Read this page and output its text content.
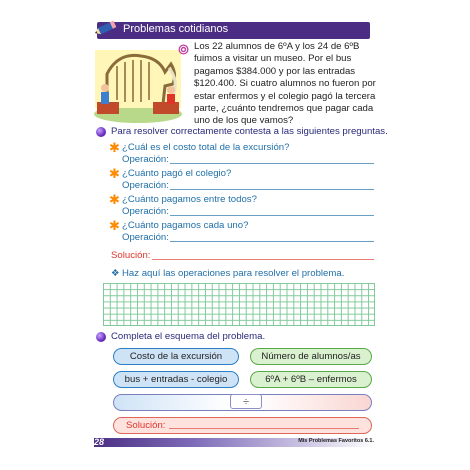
Problemas cotidianos
Los 22 alumnos de 6ºA y los 24 de 6ºB fuimos a visitar un museo. Por el bus pagamos $384.000 y por las entradas $120.400. Si cuatro alumnos no fueron por estar enfermos y el colegio pagó la tercera parte, ¿cuánto tendremos que pagar cada uno de los que vamos?
Para resolver correctamente contesta a las siguientes preguntas.
✱ ¿Cuál es el costo total de la excursión?
Operación:
✱ ¿Cuánto pagó el colegio?
Operación:
✱ ¿Cuánto pagamos entre todos?
Operación:
✱ ¿Cuánto pagamos cada uno?
Operación:
Solución:
❖ Haz aquí las operaciones para resolver el problema.
Completa el esquema del problema.
Costo de la excursión	Número de alumnos/as
bus + entradas - colegio	6ºA + 6ºB – enfermos
÷
Solución:
28	Mis Problemas Favoritos 6.1.
